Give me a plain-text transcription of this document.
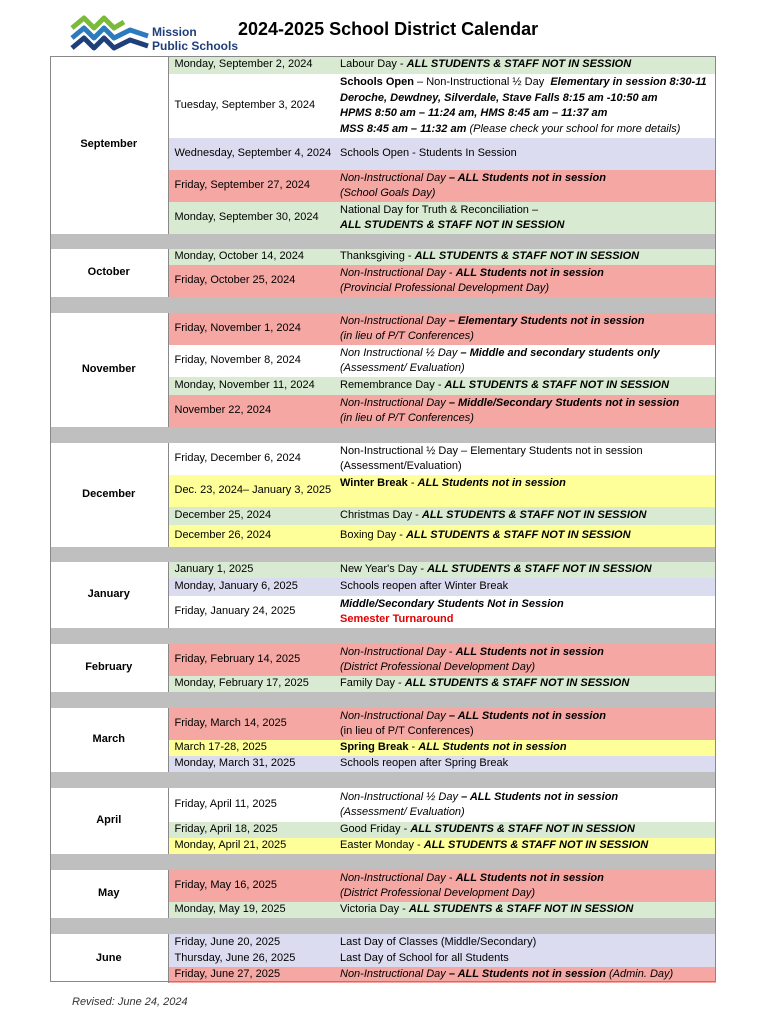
Mission
Public Schools
2024-2025 School District Calendar
September	Monday, September 2, 2024	Labour Day - ALL STUDENTS & STAFF NOT IN SESSION
	Tuesday, September 3, 2024	Schools Open – Non-Instructional ½ Day  Elementary in session 8:30-11
Deroche, Dewdney, Silverdale, Stave Falls 8:15 am -10:50 am
HPMS 8:50 am – 11:24 am, HMS 8:45 am – 11:37 am
MSS 8:45 am – 11:32 am (Please check your school for more details)
	Wednesday, September 4, 2024	Schools Open - Students In Session
	Friday, September 27, 2024	Non-Instructional Day – ALL Students not in session
(School Goals Day)
	Monday, September 30, 2024	National Day for Truth & Reconciliation –
ALL STUDENTS & STAFF NOT IN SESSION

October	Monday, October 14, 2024	Thanksgiving - ALL STUDENTS & STAFF NOT IN SESSION
	Friday, October 25, 2024	Non-Instructional Day - ALL Students not in session
(Provincial Professional Development Day)

November	Friday, November 1, 2024	Non-Instructional Day – Elementary Students not in session
(in lieu of P/T Conferences)
	Friday, November 8, 2024	Non Instructional ½ Day – Middle and secondary students only
(Assessment/ Evaluation)
	Monday, November 11, 2024	Remembrance Day - ALL STUDENTS & STAFF NOT IN SESSION
	November 22, 2024	Non-Instructional Day – Middle/Secondary Students not in session
(in lieu of P/T Conferences)

December	Friday, December 6, 2024	Non-Instructional ½ Day – Elementary Students not in session
(Assessment/Evaluation)
	Dec. 23, 2024– January 3, 2025	Winter Break - ALL Students not in session

	December 25, 2024	Christmas Day - ALL STUDENTS & STAFF NOT IN SESSION
	December 26, 2024	Boxing Day - ALL STUDENTS & STAFF NOT IN SESSION

January	January 1, 2025	New Year's Day - ALL STUDENTS & STAFF NOT IN SESSION
	Monday, January 6, 2025	Schools reopen after Winter Break
	Friday, January 24, 2025	Middle/Secondary Students Not in Session
Semester Turnaround

February	Friday, February 14, 2025	Non-Instructional Day - ALL Students not in session
(District Professional Development Day)
	Monday, February 17, 2025	Family Day - ALL STUDENTS & STAFF NOT IN SESSION

March	Friday, March 14, 2025	Non-Instructional Day – ALL Students not in session
(in lieu of P/T Conferences)
	March 17-28, 2025	Spring Break - ALL Students not in session
	Monday, March 31, 2025	Schools reopen after Spring Break

April	Friday, April 11, 2025	Non-Instructional ½ Day – ALL Students not in session
(Assessment/ Evaluation)
	Friday, April 18, 2025	Good Friday - ALL STUDENTS & STAFF NOT IN SESSION
	Monday, April 21, 2025	Easter Monday - ALL STUDENTS & STAFF NOT IN SESSION

May	Friday, May 16, 2025	Non-Instructional Day - ALL Students not in session
(District Professional Development Day)
	Monday, May 19, 2025	Victoria Day - ALL STUDENTS & STAFF NOT IN SESSION

June	Friday, June 20, 2025	Last Day of Classes (Middle/Secondary)
	Thursday, June 26, 2025	Last Day of School for all Students
	Friday, June 27, 2025	Non-Instructional Day – ALL Students not in session (Admin. Day)
Revised: June 24, 2024
